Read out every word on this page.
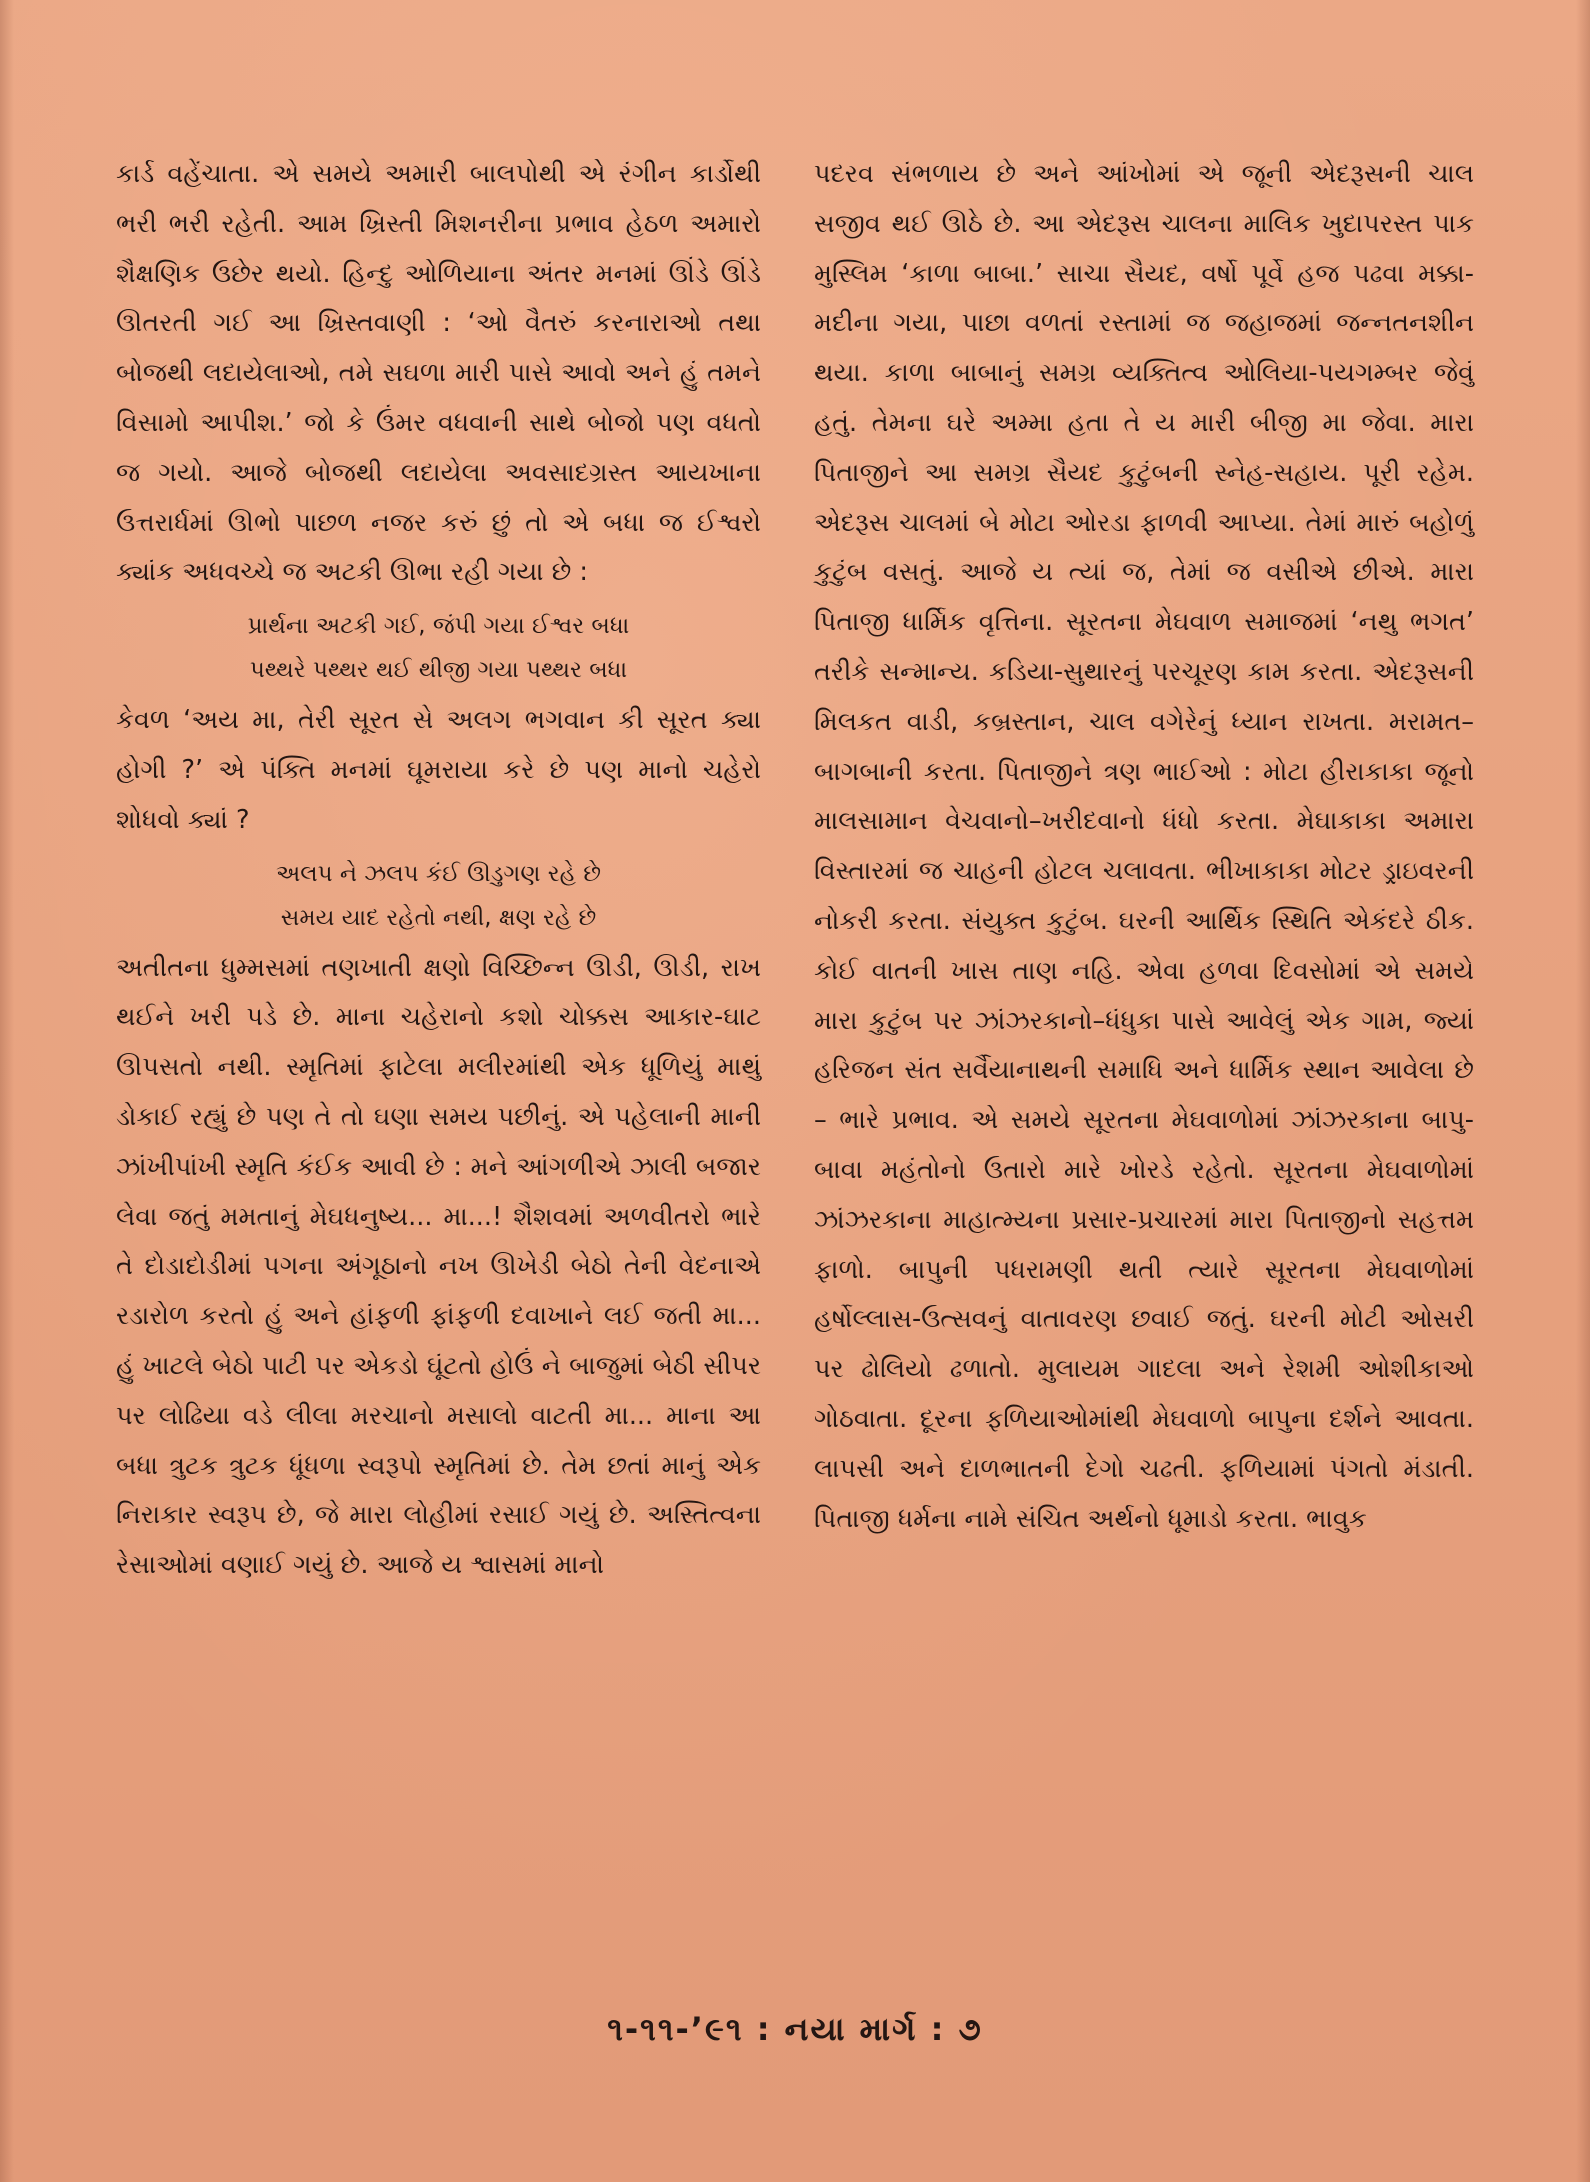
કાર્ડ વહેંચાતા. એ સમયે અમારી બાલપોથી એ રંગીન કાર્ડોથી ભરી ભરી રહેતી. આમ ખ્રિસ્તી મિશનરીના પ્રભાવ હેઠળ અમારો શૈક્ષણિક ઉછેર થયો. હિન્દુ ઓળિયાના અંતર મનમાં ઊંડે ઊંડે ઊતરતી ગઈ આ ખ્રિસ્તવાણી : ‘ઓ વૈતરું કરનારાઓ તથા બોજથી લદાયેલાઓ, તમે સઘળા મારી પાસે આવો અને હું તમને વિસામો આપીશ.’ જો કે ઉંમર વધવાની સાથે બોજો પણ વધતો જ ગયો. આજે બોજથી લદાયેલા અવસાદગ્રસ્ત આયખાના ઉત્તરાર્ધમાં ઊભો પાછળ નજર કરું છું તો એ બધા જ ઈશ્વરો ક્યાંક અધવચ્ચે જ અટકી ઊભા રહી ગયા છે :

પ્રાર્થના અટકી ગઈ, જંપી ગયા ઈશ્વર બધા

પથ્થરે પથ્થર થઈ થીજી ગયા પથ્થર બધા

કેવળ ‘અય મા, તેરી સૂરત સે અલગ ભગવાન કી સૂરત ક્યા હોગી ?’ એ પંક્તિ મનમાં ઘૂમરાયા કરે છે પણ માનો ચહેરો શોધવો ક્યાં ?

અલપ ને ઝલપ કંઈ ઊડુગણ રહે છે

સમય યાદ રહેતો નથી, ક્ષણ રહે છે

અતીતના ધુમ્મસમાં તણખાતી ક્ષણો વિચ્છિન્ન ઊડી, ઊડી, રાખ થઈને ખરી પડે છે. માના ચહેરાનો કશો ચોક્કસ આકાર-ઘાટ ઊપસતો નથી. સ્મૃતિમાં ફાટેલા મલીરમાંથી એક ધૂળિયું માથું ડોકાઈ રહ્યું છે પણ તે તો ઘણા સમય પછીનું. એ પહેલાની માની ઝાંખીપાંખી સ્મૃતિ કંઈક આવી છે : મને આંગળીએ ઝાલી બજાર લેવા જતું મમતાનું મેઘધનુષ્ય... મા...! શૈશવમાં અળવીતરો ભારે તે દોડાદોડીમાં પગના અંગૂઠાનો નખ ઊખેડી બેઠો તેની વેદનાએ રડારોળ કરતો હું અને હાંફળી ફાંફળી દવાખાને લઈ જતી મા... હું ખાટલે બેઠો પાટી પર એકડો ઘૂંટતો હોઉં ને બાજુમાં બેઠી સીપર પર લોઢિયા વડે લીલા મરચાનો મસાલો વાટતી મા... માના આ બધા ત્રુટક ત્રુટક ધૂંધળા સ્વરૂપો સ્મૃતિમાં છે. તેમ છતાં માનું એક નિરાકાર સ્વરૂપ છે, જે મારા લોહીમાં રસાઈ ગયું છે. અસ્તિત્વના રેસાઓમાં વણાઈ ગયું છે. આજે ય શ્વાસમાં માનો

પદરવ સંભળાય છે અને આંખોમાં એ જૂની એદરૂસની ચાલ સજીવ થઈ ઊઠે છે. આ એદરૂસ ચાલના માલિક ખુદાપરસ્ત પાક મુસ્લિમ ‘કાળા બાબા.’ સાચા સૈયદ, વર્ષો પૂર્વે હજ પઢવા મક્કા-મદીના ગયા, પાછા વળતાં રસ્તામાં જ જહાજમાં જન્નતનશીન થયા. કાળા બાબાનું સમગ્ર વ્યક્તિત્વ ઓલિયા-પયગમ્બર જેવું હતું. તેમના ઘરે અમ્મા હતા તે ય મારી બીજી મા જેવા. મારા પિતાજીને આ સમગ્ર સૈયદ કુટુંબની સ્નેહ-સહાય. પૂરી રહેમ. એદરૂસ ચાલમાં બે મોટા ઓરડા ફાળવી આપ્યા. તેમાં મારું બહોળું કુટુંબ વસતું. આજે ય ત્યાં જ, તેમાં જ વસીએ છીએ. મારા પિતાજી ધાર્મિક વૃત્તિના. સૂરતના મેઘવાળ સમાજમાં ‘નથુ ભગત’ તરીકે સન્માન્ય. કડિયા-સુથારનું પરચૂરણ કામ કરતા. એદરૂસની મિલકત વાડી, કબ્રસ્તાન, ચાલ વગેરેનું ધ્યાન રાખતા. મરામત–બાગબાની કરતા. પિતાજીને ત્રણ ભાઈઓ : મોટા હીરાકાકા જૂનો માલસામાન વેચવાનો–ખરીદવાનો ધંધો કરતા. મેઘાકાકા અમારા વિસ્તારમાં જ ચાહની હોટલ ચલાવતા. ભીખાકાકા મોટર ડ્રાઇવરની નોકરી કરતા. સંયુક્ત કુટુંબ. ઘરની આર્થિક સ્થિતિ એકંદરે ઠીક. કોઈ વાતની ખાસ તાણ નહિ. એવા હળવા દિવસોમાં એ સમયે મારા કુટુંબ પર ઝાંઝરકાનો–ધંધુકા પાસે આવેલું એક ગામ, જ્યાં હરિજન સંત સર્વૈયાનાથની સમાધિ અને ધાર્મિક સ્થાન આવેલા છે – ભારે પ્રભાવ. એ સમયે સૂરતના મેઘવાળોમાં ઝાંઝરકાના બાપુ-બાવા મહંતોનો ઉતારો મારે ખોરડે રહેતો. સૂરતના મેઘવાળોમાં ઝાંઝરકાના માહાત્મ્યના પ્રસાર-પ્રચારમાં મારા પિતાજીનો સહત્તમ ફાળો. બાપુની પધરામણી થતી ત્યારે સૂરતના મેઘવાળોમાં હર્ષોલ્લાસ-ઉત્સવનું વાતાવરણ છવાઈ જતું. ઘરની મોટી ઓસરી પર ઢોલિયો ઢળાતો. મુલાયમ ગાદલા અને રેશમી ઓશીકાઓ ગોઠવાતા. દૂરના ફળિયાઓમાંથી મેઘવાળો બાપુના દર્શને આવતા. લાપસી અને દાળભાતની દેગો ચઢતી. ફળિયામાં પંગતો મંડાતી. પિતાજી ધર્મના નામે સંચિત અર્થનો ધૂમાડો કરતા. ભાવુક

૧-૧૧-’૯૧ : નયા માર્ગ : ૭
